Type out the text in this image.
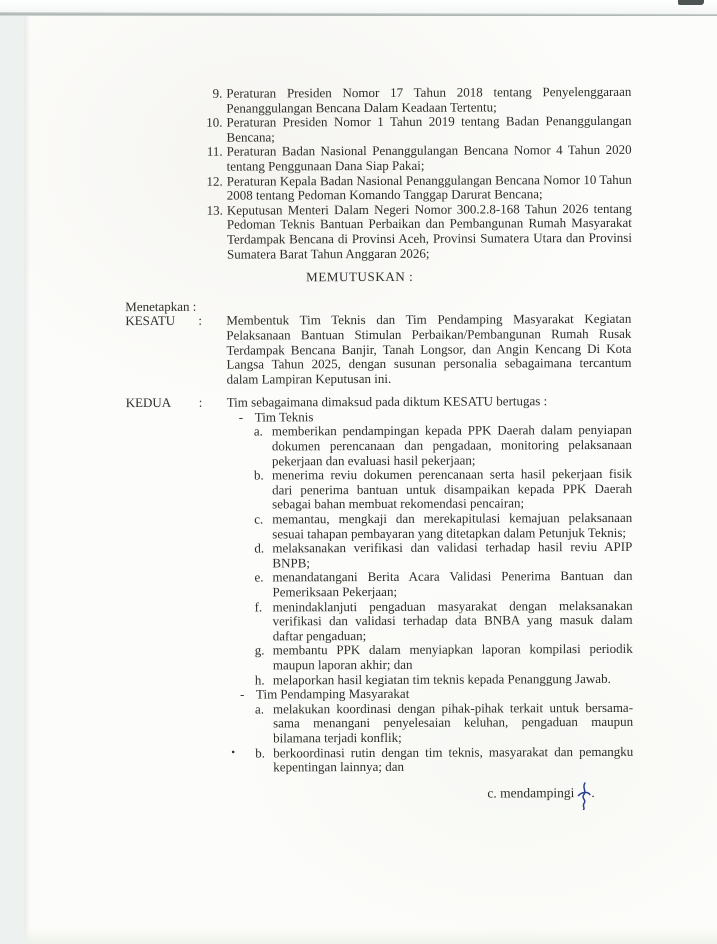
9. Peraturan Presiden Nomor 17 Tahun 2018 tentang Penyelenggaraan Penanggulangan Bencana Dalam Keadaan Tertentu;
10. Peraturan Presiden Nomor 1 Tahun 2019 tentang Badan Penanggulangan Bencana;
11. Peraturan Badan Nasional Penanggulangan Bencana Nomor 4 Tahun 2020 tentang Penggunaan Dana Siap Pakai;
12. Peraturan Kepala Badan Nasional Penanggulangan Bencana Nomor 10 Tahun 2008 tentang Pedoman Komando Tanggap Darurat Bencana;
13. Keputusan Menteri Dalam Negeri Nomor 300.2.8-168 Tahun 2026 tentang Pedoman Teknis Bantuan Perbaikan dan Pembangunan Rumah Masyarakat Terdampak Bencana di Provinsi Aceh, Provinsi Sumatera Utara dan Provinsi Sumatera Barat Tahun Anggaran 2026;
MEMUTUSKAN :
Menetapkan :
KESATU	:	Membentuk Tim Teknis dan Tim Pendamping Masyarakat Kegiatan Pelaksanaan Bantuan Stimulan Perbaikan/Pembangunan Rumah Rusak Terdampak Bencana Banjir, Tanah Longsor, dan Angin Kencang Di Kota Langsa Tahun 2025, dengan susunan personalia sebagaimana tercantum dalam Lampiran Keputusan ini.
KEDUA	:	Tim sebagaimana dimaksud pada diktum KESATU bertugas :
- Tim Teknis
a. memberikan pendampingan kepada PPK Daerah dalam penyiapan dokumen perencanaan dan pengadaan, monitoring pelaksanaan pekerjaan dan evaluasi hasil pekerjaan;
b. menerima reviu dokumen perencanaan serta hasil pekerjaan fisik dari penerima bantuan untuk disampaikan kepada PPK Daerah sebagai bahan membuat rekomendasi pencairan;
c. memantau, mengkaji dan merekapitulasi kemajuan pelaksanaan sesuai tahapan pembayaran yang ditetapkan dalam Petunjuk Teknis;
d. melaksanakan verifikasi dan validasi terhadap hasil reviu APIP BNPB;
e. menandatangani Berita Acara Validasi Penerima Bantuan dan Pemeriksaan Pekerjaan;
f. menindaklanjuti pengaduan masyarakat dengan melaksanakan verifikasi dan validasi terhadap data BNBA yang masuk dalam daftar pengaduan;
g. membantu PPK dalam menyiapkan laporan kompilasi periodik maupun laporan akhir; dan
h. melaporkan hasil kegiatan tim teknis kepada Penanggung Jawab.
- Tim Pendamping Masyarakat
a. melakukan koordinasi dengan pihak-pihak terkait untuk bersama-sama menangani penyelesaian keluhan, pengaduan maupun bilamana terjadi konflik;
• b. berkoordinasi rutin dengan tim teknis, masyarakat dan pemangku kepentingan lainnya; dan
c. mendampingi .
